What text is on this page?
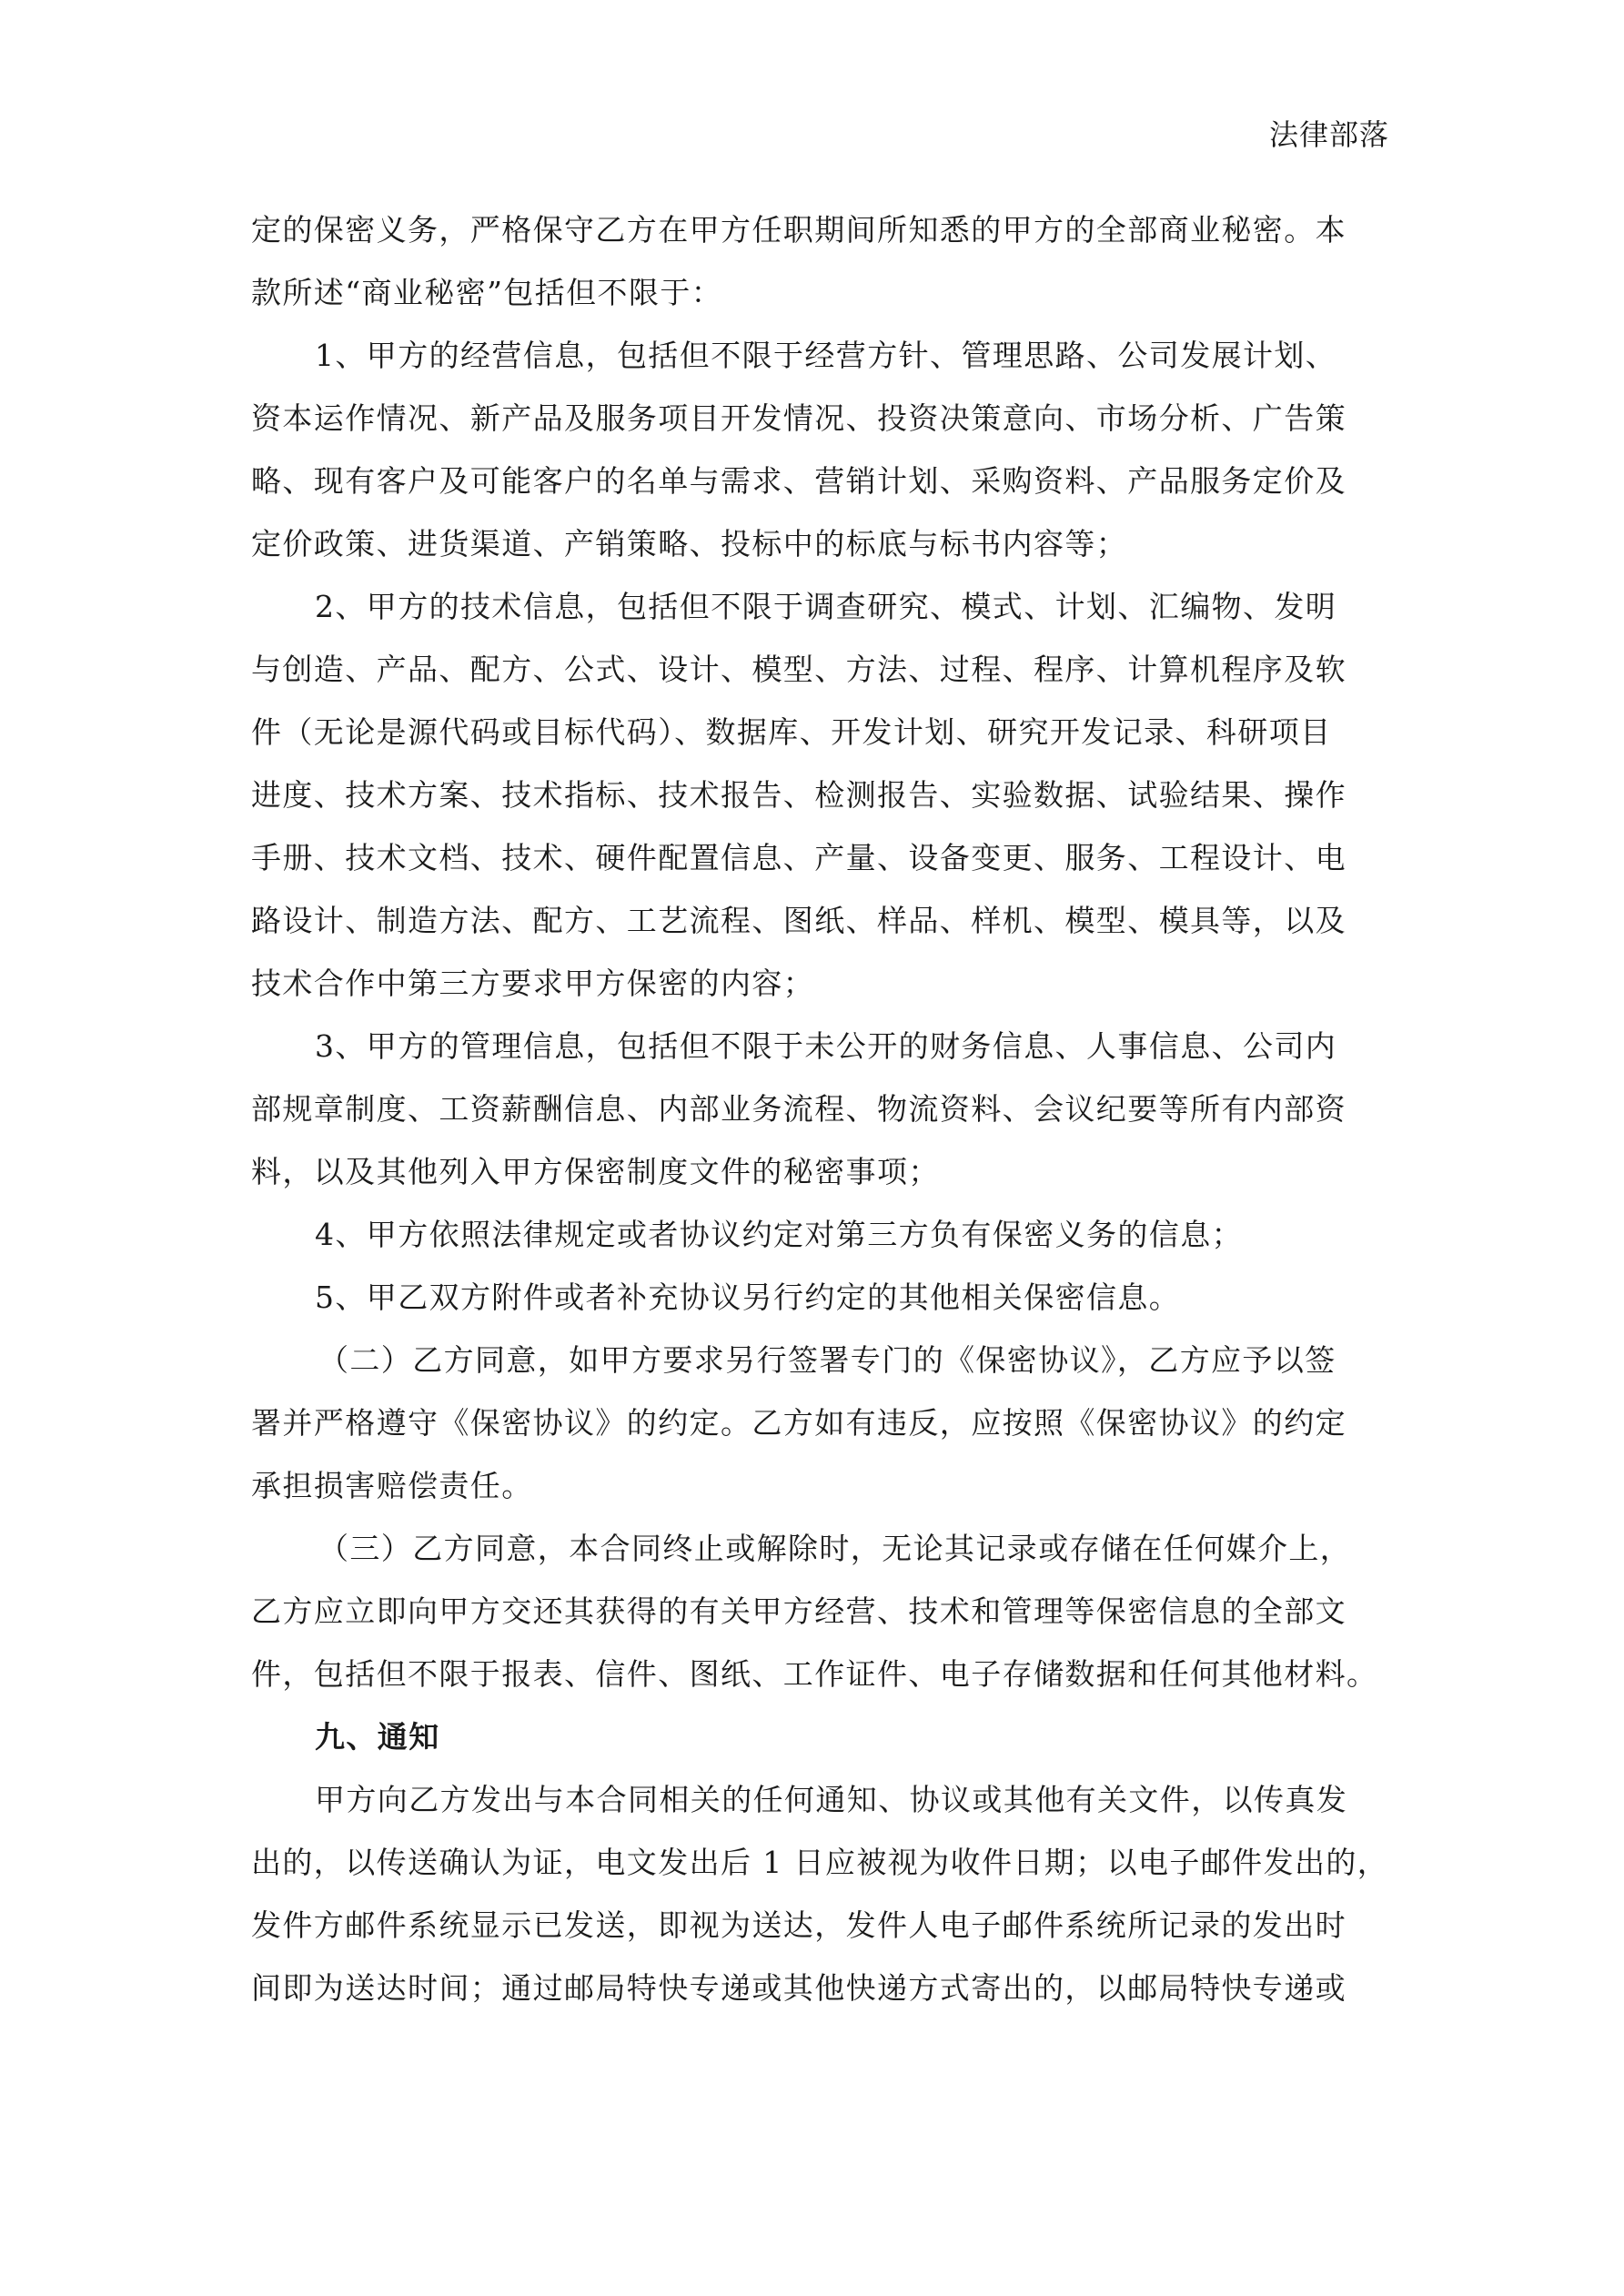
法律部落
定的保密义务，严格保守乙方在甲方任职期间所知悉的甲方的全部商业秘密。本
款所述“商业秘密”包括但不限于：
1、甲方的经营信息，包括但不限于经营方针、管理思路、公司发展计划、
资本运作情况、新产品及服务项目开发情况、投资决策意向、市场分析、广告策
略、现有客户及可能客户的名单与需求、营销计划、采购资料、产品服务定价及
定价政策、进货渠道、产销策略、投标中的标底与标书内容等；
2、甲方的技术信息，包括但不限于调查研究、模式、计划、汇编物、发明
与创造、产品、配方、公式、设计、模型、方法、过程、程序、计算机程序及软
件（无论是源代码或目标代码）、数据库、开发计划、研究开发记录、科研项目
进度、技术方案、技术指标、技术报告、检测报告、实验数据、试验结果、操作
手册、技术文档、技术、硬件配置信息、产量、设备变更、服务、工程设计、电
路设计、制造方法、配方、工艺流程、图纸、样品、样机、模型、模具等，以及
技术合作中第三方要求甲方保密的内容；
3、甲方的管理信息，包括但不限于未公开的财务信息、人事信息、公司内
部规章制度、工资薪酬信息、内部业务流程、物流资料、会议纪要等所有内部资
料，以及其他列入甲方保密制度文件的秘密事项；
4、甲方依照法律规定或者协议约定对第三方负有保密义务的信息；
5、甲乙双方附件或者补充协议另行约定的其他相关保密信息。
（二）乙方同意，如甲方要求另行签署专门的《保密协议》，乙方应予以签
署并严格遵守《保密协议》的约定。乙方如有违反，应按照《保密协议》的约定
承担损害赔偿责任。
（三）乙方同意，本合同终止或解除时，无论其记录或存储在任何媒介上，
乙方应立即向甲方交还其获得的有关甲方经营、技术和管理等保密信息的全部文
件，包括但不限于报表、信件、图纸、工作证件、电子存储数据和任何其他材料。
九、通知
甲方向乙方发出与本合同相关的任何通知、协议或其他有关文件，以传真发
出的，以传送确认为证，电文发出后 1 日应被视为收件日期；以电子邮件发出的，
发件方邮件系统显示已发送，即视为送达，发件人电子邮件系统所记录的发出时
间即为送达时间；通过邮局特快专递或其他快递方式寄出的，以邮局特快专递或
